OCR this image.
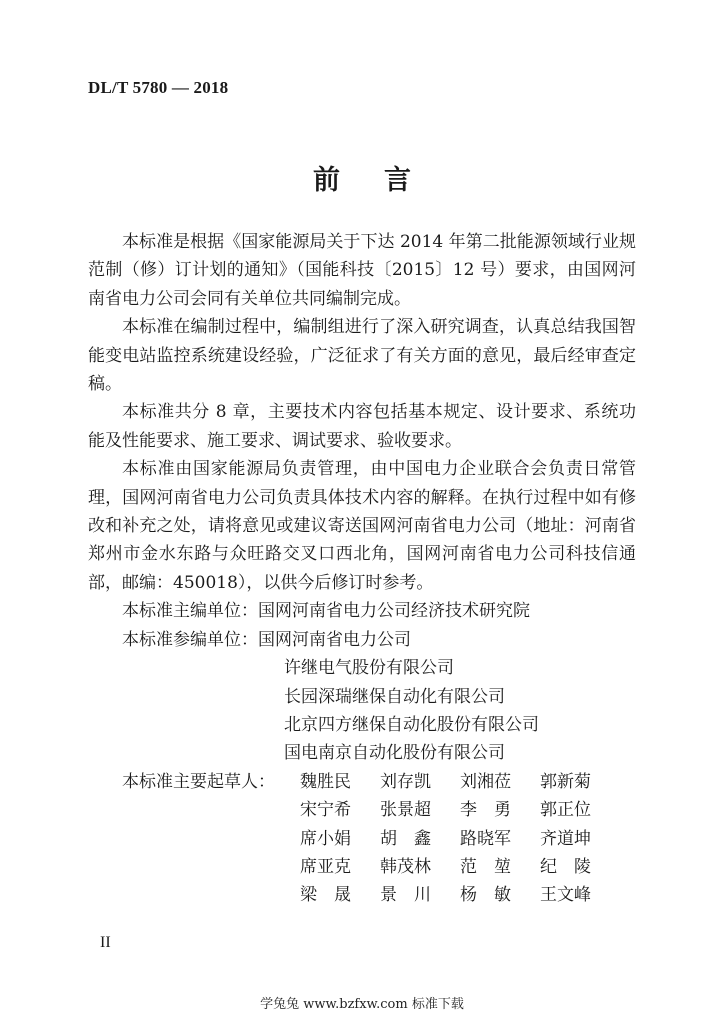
DL/T 5780 — 2018
前言

本标准是根据《国家能源局关于下达 2014 年第二批能源领域行业规范制（修）订计划的通知》（国能科技〔2015〕12 号）要求，由国网河南省电力公司会同有关单位共同编制完成。

本标准在编制过程中，编制组进行了深入研究调查，认真总结我国智能变电站监控系统建设经验，广泛征求了有关方面的意见，最后经审查定稿。

本标准共分 8 章，主要技术内容包括基本规定、设计要求、系统功能及性能要求、施工要求、调试要求、验收要求。

本标准由国家能源局负责管理，由中国电力企业联合会负责日常管理，国网河南省电力公司负责具体技术内容的解释。在执行过程中如有修改和补充之处，请将意见或建议寄送国网河南省电力公司（地址：河南省郑州市金水东路与众旺路交叉口西北角，国网河南省电力公司科技信通部，邮编：450018），以供今后修订时参考。

本标准主编单位：国网河南省电力公司经济技术研究院

本标准参编单位：国网河南省电力公司

许继电气股份有限公司

长园深瑞继保自动化有限公司

北京四方继保自动化股份有限公司

国电南京自动化股份有限公司

本标准主要起草人： 魏胜民 刘存凯 刘湘莅 郭新菊

宋宁希 张景超 李　勇 郭正位

席小娟 胡　鑫 路晓军 齐道坤

席亚克 韩茂林 范　堃 纪　陵

梁　晟 景　川 杨　敏 王文峰

II
学兔兔 www.bzfxw.com 标准下载
